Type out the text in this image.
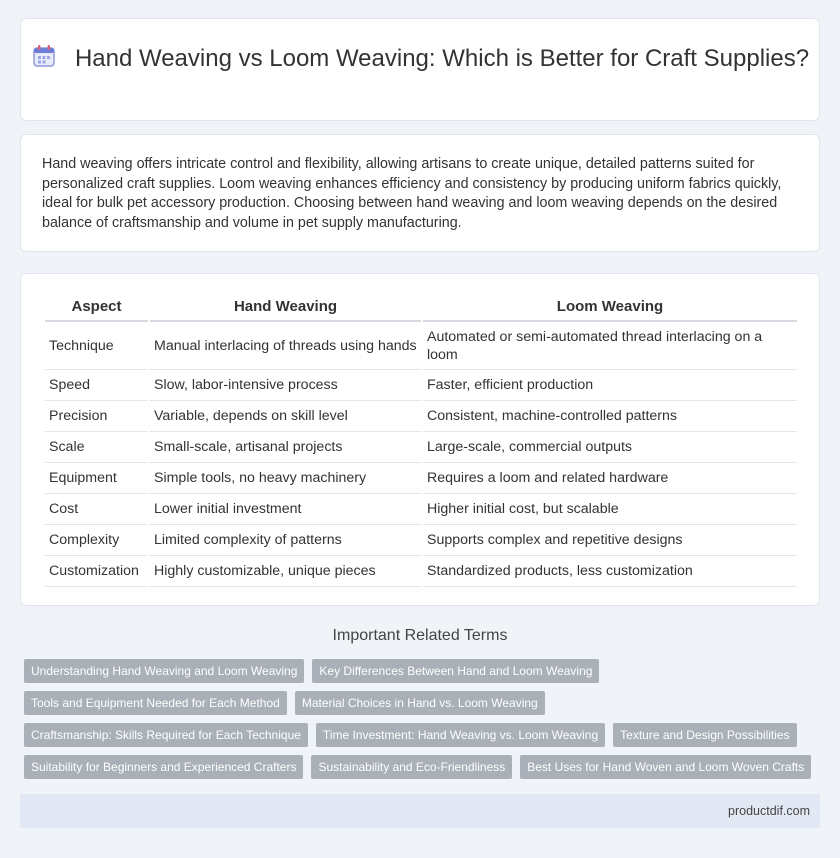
Hand Weaving vs Loom Weaving: Which is Better for Craft Supplies?

Hand weaving offers intricate control and flexibility, allowing artisans to create unique, detailed patterns suited for personalized craft supplies. Loom weaving enhances efficiency and consistency by producing uniform fabrics quickly, ideal for bulk pet accessory production. Choosing between hand weaving and loom weaving depends on the desired balance of craftsmanship and volume in pet supply manufacturing.

Aspect	Hand Weaving	Loom Weaving
Technique	Manual interlacing of threads using hands	Automated or semi-automated thread interlacing on a loom
Speed	Slow, labor-intensive process	Faster, efficient production
Precision	Variable, depends on skill level	Consistent, machine-controlled patterns
Scale	Small-scale, artisanal projects	Large-scale, commercial outputs
Equipment	Simple tools, no heavy machinery	Requires a loom and related hardware
Cost	Lower initial investment	Higher initial cost, but scalable
Complexity	Limited complexity of patterns	Supports complex and repetitive designs
Customization	Highly customizable, unique pieces	Standardized products, less customization
Important Related Terms
Understanding Hand Weaving and Loom Weaving	Key Differences Between Hand and Loom Weaving
Tools and Equipment Needed for Each Method	Material Choices in Hand vs. Loom Weaving
Craftsmanship: Skills Required for Each Technique	Time Investment: Hand Weaving vs. Loom Weaving	Texture and Design Possibilities
Suitability for Beginners and Experienced Crafters	Sustainability and Eco-Friendliness	Best Uses for Hand Woven and Loom Woven Crafts
productdif.com
